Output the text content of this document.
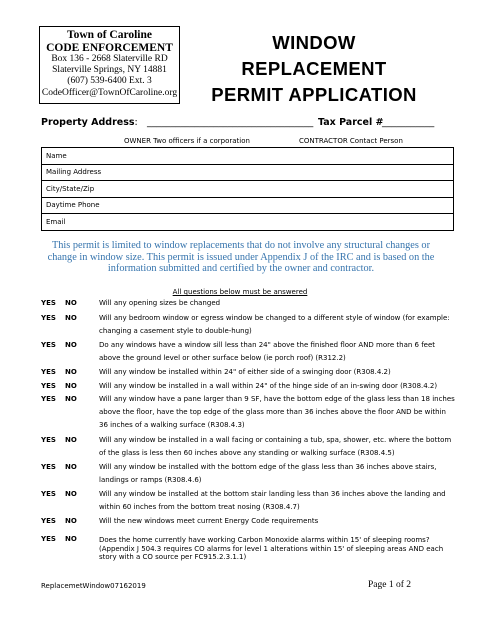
Town of Caroline
CODE ENFORCEMENT
Box 136 - 2668 Slaterville RD
Slaterville Springs, NY 14881
(607) 539-6400 Ext. 3
CodeOfficer@TownOfCaroline.org
WINDOW
REPLACEMENT
PERMIT APPLICATION
Property Address: ___________________________________ Tax Parcel #
___________
OWNER Two officers if a corporation	CONTRACTOR Contact Person
Name	
Mailing Address	
City/State/Zip	
Daytime Phone	
Email	
This permit is limited to window replacements that do not involve any structural changes or change in window size. This permit is issued under Appendix J of the IRC and is based on the information submitted and certified by the owner and contractor.
All questions below must be answered
YES NO	Will any opening sizes be changed
YES NO	Will any bedroom window or egress window be changed to a different style of window (for example: changing a casement style to double-hung)
YES NO	Do any windows have a window sill less than 24" above the finished floor AND more than 6 feet above the ground level or other surface below (ie porch roof) (R312.2)
YES NO	Will any window be installed within 24" of either side of a swinging door (R308.4.2)
YES NO	Will any window be installed in a wall within 24" of the hinge side of an in-swing door (R308.4.2)
YES NO	Will any window have a pane larger than 9 SF, have the bottom edge of the glass less than 18 inches above the floor, have the top edge of the glass more than 36 inches above the floor AND be within 36 inches of a walking surface (R308.4.3)
YES NO	Will any window be installed in a wall facing or containing a tub, spa, shower, etc. where the bottom of the glass is less then 60 inches above any standing or walking surface (R308.4.5)
YES NO	Will any window be installed with the bottom edge of the glass less than 36 inches above stairs, landings or ramps (R308.4.6)
YES NO	Will any window be installed at the bottom stair landing less than 36 inches above the landing and within 60 inches from the bottom treat nosing (R308.4.7)
YES NO	Will the new windows meet current Energy Code requirements
YES NO	Does the home currently have working Carbon Monoxide alarms within 15' of sleeping rooms? (Appendix J 504.3 requires CO alarms for level 1 alterations within 15' of sleeping areas AND each story with a CO source per FC915.2.3.1.1)
ReplacemetWindow07162019	Page 1 of 2
